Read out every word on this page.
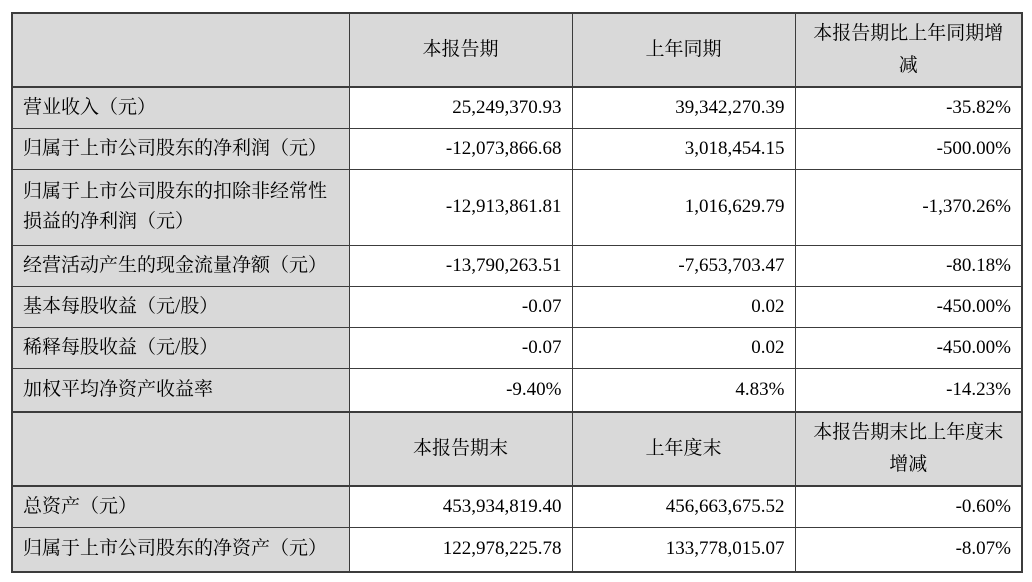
	本报告期	上年同期	本报告期比上年同期增减
营业收入（元）	25,249,370.93	39,342,270.39	-35.82%
归属于上市公司股东的净利润（元）	-12,073,866.68	3,018,454.15	-500.00%
归属于上市公司股东的扣除非经常性损益的净利润（元）	-12,913,861.81	1,016,629.79	-1,370.26%
经营活动产生的现金流量净额（元）	-13,790,263.51	-7,653,703.47	-80.18%
基本每股收益（元/股）	-0.07	0.02	-450.00%
稀释每股收益（元/股）	-0.07	0.02	-450.00%
加权平均净资产收益率	-9.40%	4.83%	-14.23%
	本报告期末	上年度末	本报告期末比上年度末增减
总资产（元）	453,934,819.40	456,663,675.52	-0.60%
归属于上市公司股东的净资产（元）	122,978,225.78	133,778,015.07	-8.07%
